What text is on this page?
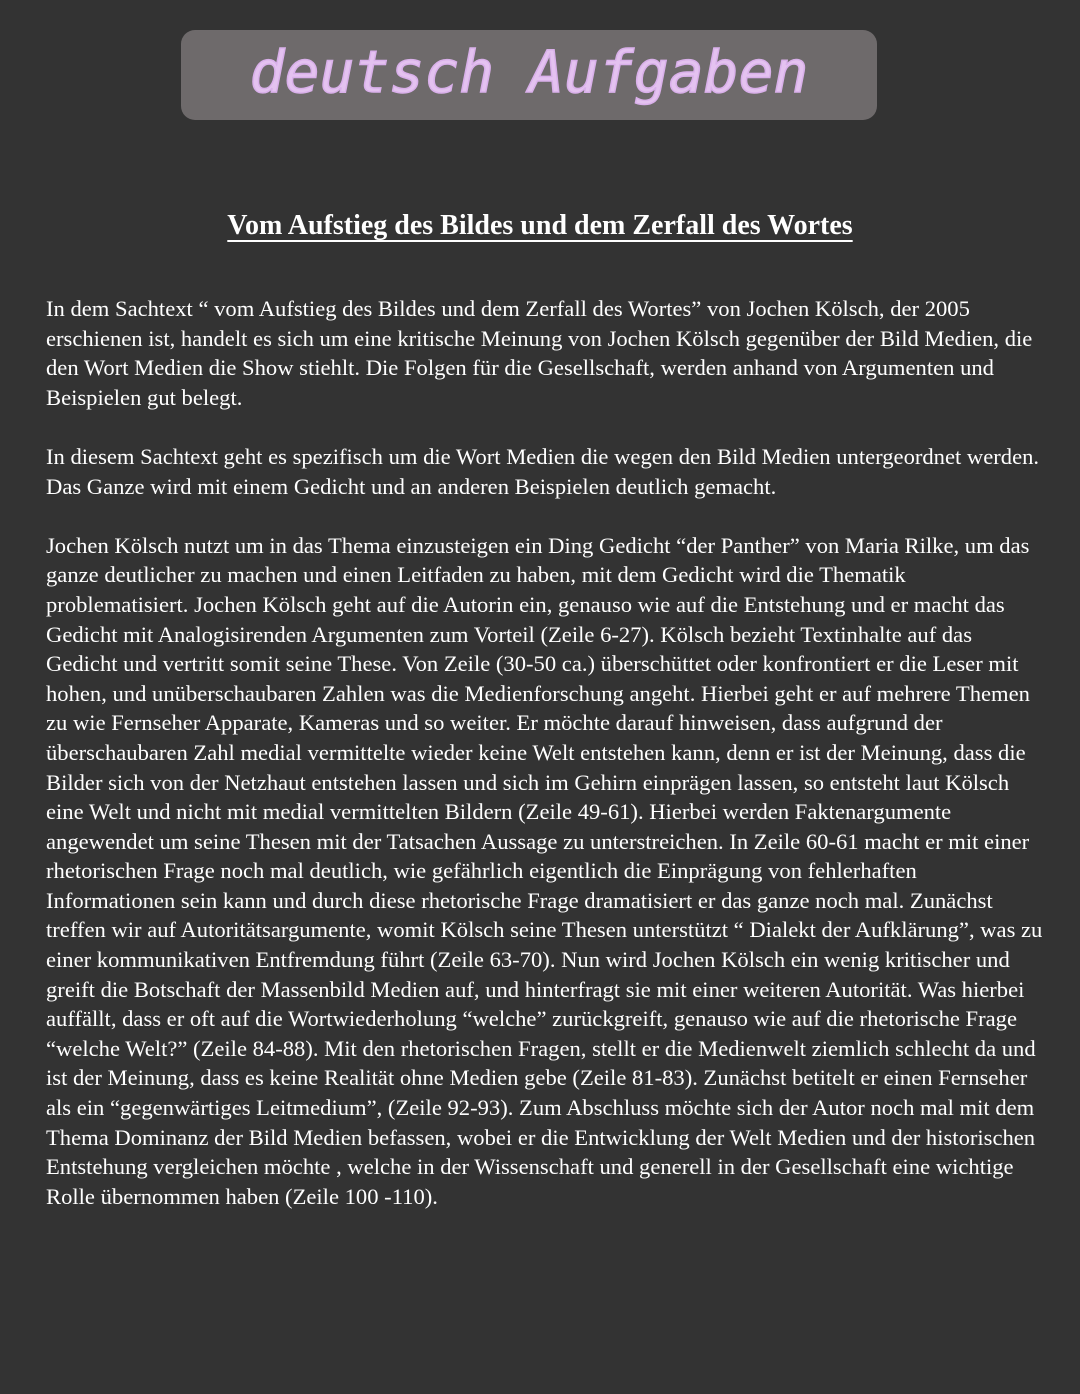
deutsch Aufgaben
Vom Aufstieg des Bildes und dem Zerfall des Wortes

In dem Sachtext “ vom Aufstieg des Bildes und dem Zerfall des Wortes” von Jochen Kölsch, der 2005 erschienen ist, handelt es sich um eine kritische Meinung von Jochen Kölsch gegenüber der Bild Medien, die den Wort Medien die Show stiehlt. Die Folgen für die Gesellschaft, werden anhand von Argumenten und Beispielen gut belegt.

In diesem Sachtext geht es spezifisch um die Wort Medien die wegen den Bild Medien untergeordnet werden. Das Ganze wird mit einem Gedicht und an anderen Beispielen deutlich gemacht.

Jochen Kölsch nutzt um in das Thema einzusteigen ein Ding Gedicht “der Panther” von Maria Rilke, um das ganze deutlicher zu machen und einen Leitfaden zu haben, mit dem Gedicht wird die Thematik problematisiert. Jochen Kölsch geht auf die Autorin ein, genauso wie auf die Entstehung und er macht das Gedicht mit Analogisirenden Argumenten zum Vorteil (Zeile 6-27). Kölsch bezieht Textinhalte auf das Gedicht und vertritt somit seine These. Von Zeile (30-50 ca.) überschüttet oder konfrontiert er die Leser mit hohen, und unüberschaubaren Zahlen was die Medienforschung angeht. Hierbei geht er auf mehrere Themen zu wie Fernseher Apparate, Kameras und so weiter. Er möchte darauf hinweisen, dass aufgrund der überschaubaren Zahl medial vermittelte wieder keine Welt entstehen kann, denn er ist der Meinung, dass die Bilder sich von der Netzhaut entstehen lassen und sich im Gehirn einprägen lassen, so entsteht laut Kölsch eine Welt und nicht mit medial vermittelten Bildern (Zeile 49-61). Hierbei werden Faktenargumente angewendet um seine Thesen mit der Tatsachen Aussage zu unterstreichen. In Zeile 60-61 macht er mit einer rhetorischen Frage noch mal deutlich, wie gefährlich eigentlich die Einprägung von fehlerhaften Informationen sein kann und durch diese rhetorische Frage dramatisiert er das ganze noch mal. Zunächst treffen wir auf Autoritätsargumente, womit Kölsch seine Thesen unterstützt “ Dialekt der Aufklärung”, was zu einer kommunikativen Entfremdung führt (Zeile 63-70). Nun wird Jochen Kölsch ein wenig kritischer und greift die Botschaft der Massenbild Medien auf, und hinterfragt sie mit einer weiteren Autorität. Was hierbei auffällt, dass er oft auf die Wortwiederholung “welche” zurückgreift, genauso wie auf die rhetorische Frage “welche Welt?” (Zeile 84-88). Mit den rhetorischen Fragen, stellt er die Medienwelt ziemlich schlecht da und ist der Meinung, dass es keine Realität ohne Medien gebe (Zeile 81-83). Zunächst betitelt er einen Fernseher als ein “gegenwärtiges Leitmedium”, (Zeile 92-93). Zum Abschluss möchte sich der Autor noch mal mit dem Thema Dominanz der Bild Medien befassen, wobei er die Entwicklung der Welt Medien und der historischen Entstehung vergleichen möchte , welche in der Wissenschaft und generell in der Gesellschaft eine wichtige Rolle übernommen haben (Zeile 100 -110).
